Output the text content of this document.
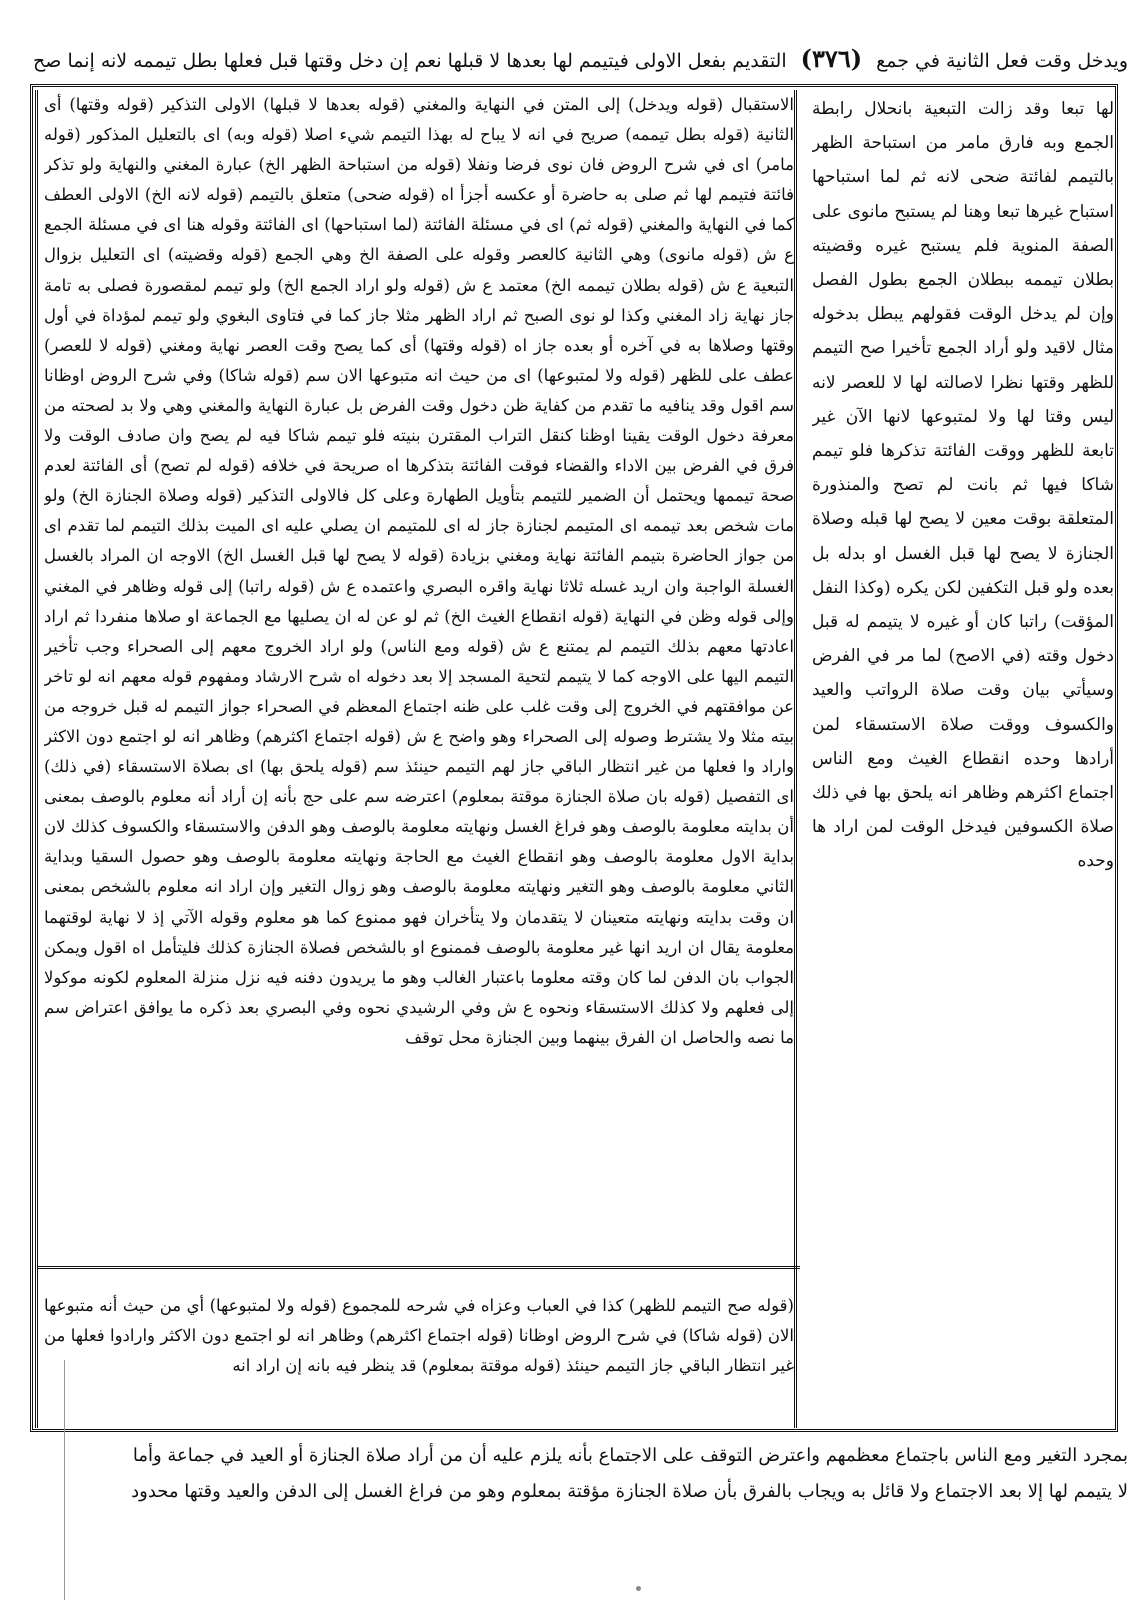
ويدخل وقت فعل الثانية في جمع (٣٧٦) التقديم بفعل الاولى فيتيمم لها بعدها لا قبلها نعم إن دخل وقتها قبل فعلها بطل تيممه لانه إنما صح

الاستقبال (قوله ويدخل) إلى المتن في النهاية والمغني (قوله بعدها لا قبلها) الاولى التذكير (قوله وقتها) أى الثانية (قوله بطل تيممه) صريح في انه لا يباح له بهذا التيمم شيء اصلا (قوله وبه) اى بالتعليل المذكور (قوله مامر) اى في شرح الروض فان نوى فرضا ونفلا (قوله من استباحة الظهر الخ) عبارة المغني والنهاية ولو تذكر فائتة فتيمم لها ثم صلى به حاضرة أو عكسه أجزأ اه (قوله ضحى) متعلق بالتيمم (قوله لانه الخ) الاولى العطف كما في النهاية والمغني (قوله ثم) اى في مسئلة الفائتة (لما استباحها) اى الفائتة وقوله هنا اى في مسئلة الجمع ع ش (قوله مانوى) وهي الثانية كالعصر وقوله على الصفة الخ وهي الجمع (قوله وقضيته) اى التعليل بزوال التبعية ع ش (قوله بطلان تيممه الخ) معتمد ع ش (قوله ولو اراد الجمع الخ) ولو تيمم لمقصورة فصلى به تامة جاز نهاية زاد المغني وكذا لو نوى الصبح ثم اراد الظهر مثلا جاز كما في فتاوى البغوي ولو تيمم لمؤداة في أول وقتها وصلاها به في آخره أو بعده جاز اه (قوله وقتها) أى كما يصح وقت العصر نهاية ومغني (قوله لا للعصر) عطف على للظهر (قوله ولا لمتبوعها) اى من حيث انه متبوعها الان سم (قوله شاكا) وفي شرح الروض اوظانا سم اقول وقد ينافيه ما تقدم من كفاية ظن دخول وقت الفرض بل عبارة النهاية والمغني وهي ولا بد لصحته من معرفة دخول الوقت يقينا اوظنا كنقل التراب المقترن بنيته فلو تيمم شاكا فيه لم يصح وان صادف الوقت ولا فرق في الفرض بين الاداء والقضاء فوقت الفائتة بتذكرها اه صريحة في خلافه (قوله لم تصح) أى الفائتة لعدم صحة تيممها ويحتمل أن الضمير للتيمم بتأويل الطهارة وعلى كل فالاولى التذكير (قوله وصلاة الجنازة الخ) ولو مات شخص بعد تيممه اى المتيمم لجنازة جاز له اى للمتيمم ان يصلي عليه اى الميت بذلك التيمم لما تقدم اى من جواز الحاضرة بتيمم الفائتة نهاية ومغني بزيادة (قوله لا يصح لها قبل الغسل الخ) الاوجه ان المراد بالغسل الغسلة الواجبة وان اريد غسله ثلاثا نهاية واقره البصري واعتمده ع ش (قوله راتبا) إلى قوله وظاهر في المغني وإلى قوله وظن في النهاية (قوله انقطاع الغيث الخ) ثم لو عن له ان يصليها مع الجماعة او صلاها منفردا ثم اراد اعادتها معهم بذلك التيمم لم يمتنع ع ش (قوله ومع الناس) ولو اراد الخروج معهم إلى الصحراء وجب تأخير التيمم اليها على الاوجه كما لا يتيمم لتحية المسجد إلا بعد دخوله اه شرح الارشاد ومفهوم قوله معهم انه لو تاخر عن موافقتهم في الخروج إلى وقت غلب على ظنه اجتماع المعظم في الصحراء جواز التيمم له قبل خروجه من بيته مثلا ولا يشترط وصوله إلى الصحراء وهو واضح ع ش (قوله اجتماع اكثرهم) وظاهر انه لو اجتمع دون الاكثر واراد وا فعلها من غير انتظار الباقي جاز لهم التيمم حينئذ سم (قوله يلحق بها) اى بصلاة الاستسقاء (في ذلك) اى التفصيل (قوله بان صلاة الجنازة موقتة بمعلوم) اعترضه سم على حج بأنه إن أراد أنه معلوم بالوصف بمعنى أن بدايته معلومة بالوصف وهو فراغ الغسل ونهايته معلومة بالوصف وهو الدفن والاستسقاء والكسوف كذلك لان بداية الاول معلومة بالوصف وهو انقطاع الغيث مع الحاجة ونهايته معلومة بالوصف وهو حصول السقيا وبداية الثاني معلومة بالوصف وهو التغير ونهايته معلومة بالوصف وهو زوال التغير وإن اراد انه معلوم بالشخص بمعنى ان وقت بدايته ونهايته متعينان لا يتقدمان ولا يتأخران فهو ممنوع كما هو معلوم وقوله الآتي إذ لا نهاية لوقتهما معلومة يقال ان اريد انها غير معلومة بالوصف فممنوع او بالشخص فصلاة الجنازة كذلك فليتأمل اه اقول ويمكن الجواب بان الدفن لما كان وقته معلوما باعتبار الغالب وهو ما يريدون دفنه فيه نزل منزلة المعلوم لكونه موكولا إلى فعلهم ولا كذلك الاستسقاء ونحوه ع ش وفي الرشيدي نحوه وفي البصري بعد ذكره ما يوافق اعتراض سم ما نصه والحاصل ان الفرق بينهما وبين الجنازة محل توقف

(قوله صح التيمم للظهر) كذا في العباب وعزاه في شرحه للمجموع (قوله ولا لمتبوعها) أي من حيث أنه متبوعها الان (قوله شاكا) في شرح الروض اوظانا (قوله اجتماع اكثرهم) وظاهر انه لو اجتمع دون الاكثر وارادوا فعلها من غير انتظار الباقي جاز التيمم حينئذ (قوله موقتة بمعلوم) قد ينظر فيه بانه إن اراد انه

لها تبعا وقد زالت التبعية بانحلال رابطة الجمع وبه فارق مامر من استباحة الظهر بالتيمم لفائتة ضحى لانه ثم لما استباحها استباح غيرها تبعا وهنا لم يستبح مانوى على الصفة المنوية فلم يستبح غيره وقضيته بطلان تيممه ببطلان الجمع بطول الفصل وإن لم يدخل الوقت فقولهم يبطل بدخوله مثال لاقيد ولو أراد الجمع تأخيرا صح التيمم للظهر وقتها نظرا لاصالته لها لا للعصر لانه ليس وقتا لها ولا لمتبوعها لانها الآن غير تابعة للظهر ووقت الفائتة تذكرها فلو تيمم شاكا فيها ثم بانت لم تصح والمنذورة المتعلقة بوقت معين لا يصح لها قبله وصلاة الجنازة لا يصح لها قبل الغسل او بدله بل بعده ولو قبل التكفين لكن يكره (وكذا النفل المؤقت) راتبا كان أو غيره لا يتيمم له قبل دخول وقته (في الاصح) لما مر في الفرض وسيأتي بيان وقت صلاة الرواتب والعيد والكسوف ووقت صلاة الاستسقاء لمن أرادها وحده انقطاع الغيث ومع الناس اجتماع اكثرهم وظاهر انه يلحق بها في ذلك صلاة الكسوفين فيدخل الوقت لمن اراد ها وحده

بمجرد التغير ومع الناس باجتماع معظمهم واعترض التوقف على الاجتماع بأنه يلزم عليه أن من أراد صلاة الجنازة أو العيد في جماعة وأما

لا يتيمم لها إلا بعد الاجتماع ولا قائل به ويجاب بالفرق بأن صلاة الجنازة مؤقتة بمعلوم وهو من فراغ الغسل إلى الدفن والعيد وقتها محدود
